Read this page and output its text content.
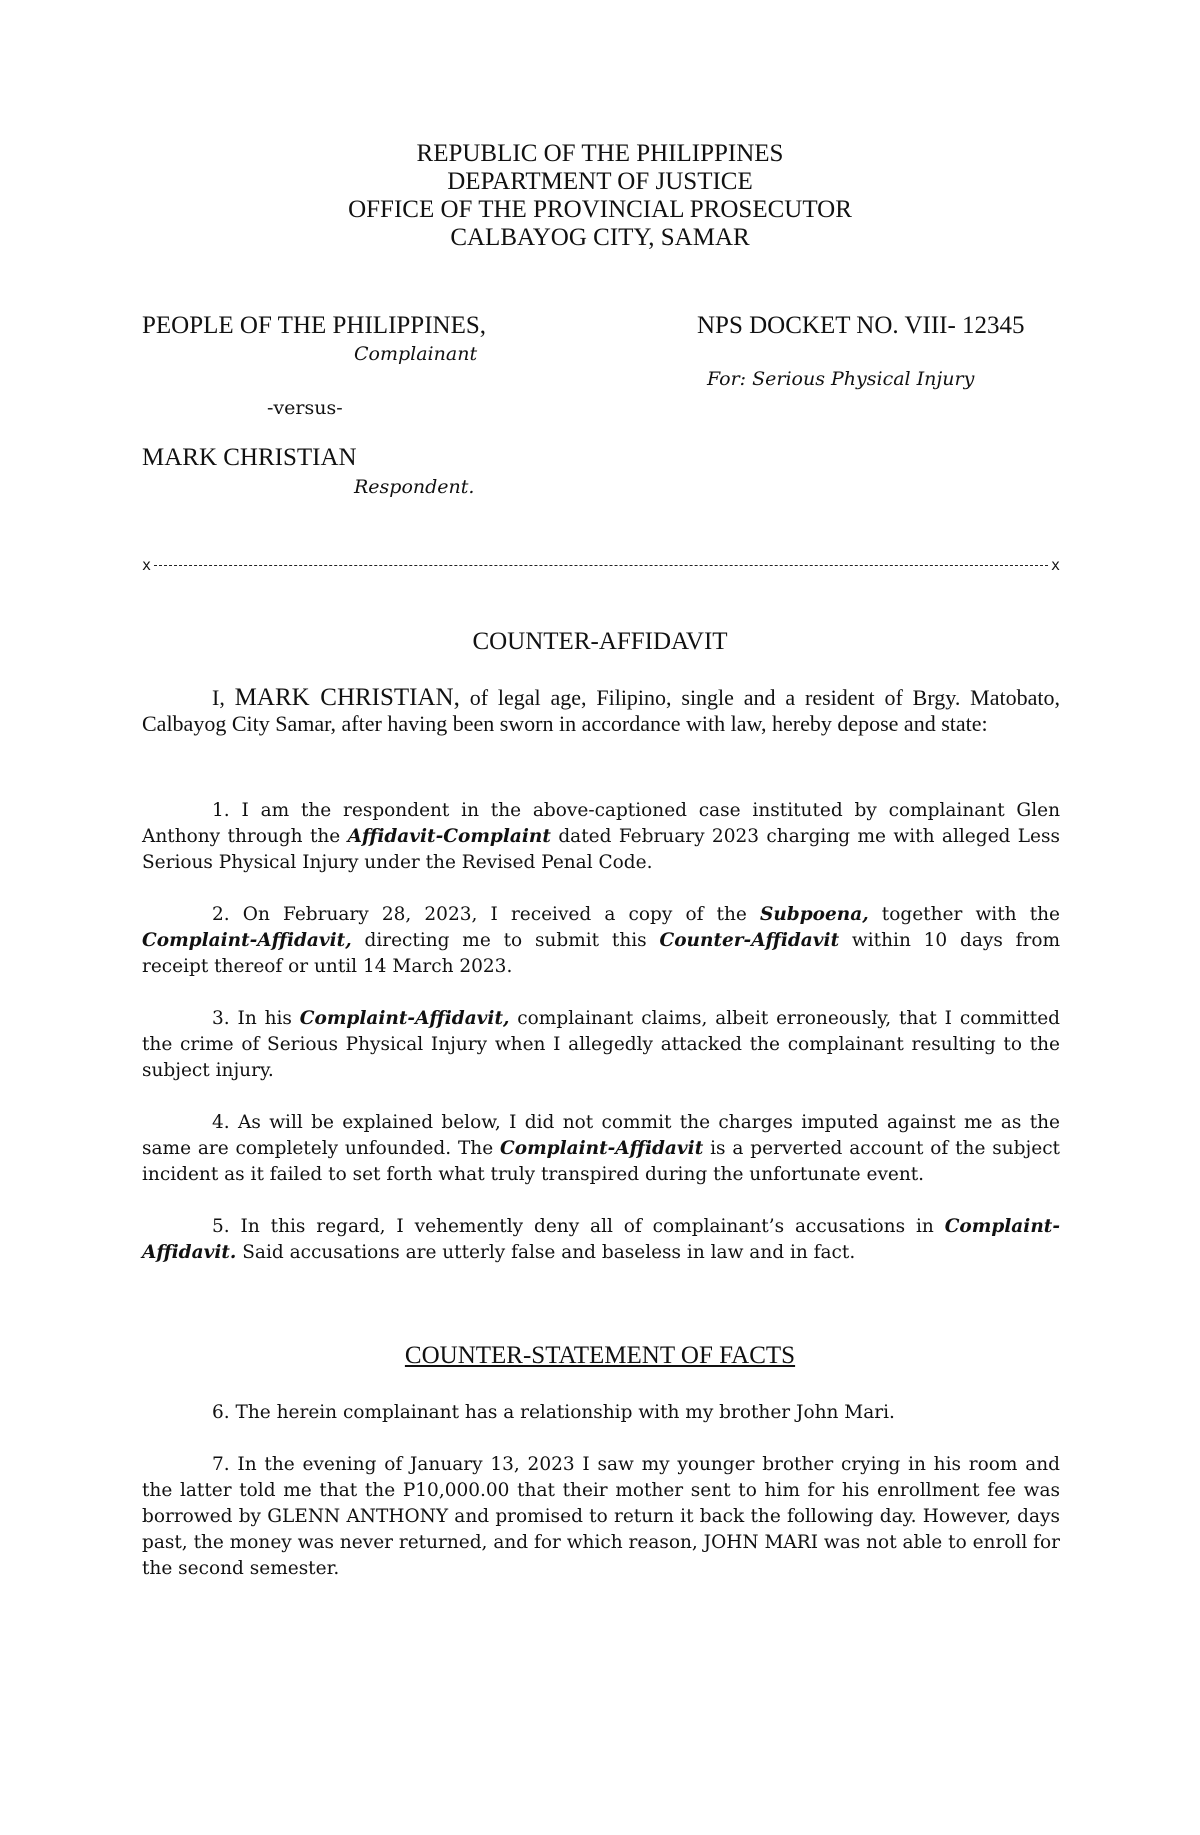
REPUBLIC OF THE PHILIPPINES
DEPARTMENT OF JUSTICE
OFFICE OF THE PROVINCIAL PROSECUTOR
CALBAYOG CITY, SAMAR
PEOPLE OF THE PHILIPPINES,
Complainant
-versus-
MARK CHRISTIAN
Respondent.
NPS DOCKET NO. VIII- 12345
For: Serious Physical Injury
x	x
COUNTER-AFFIDAVIT
I, MARK CHRISTIAN, of legal age, Filipino, single and a resident of Brgy. Matobato, Calbayog City Samar, after having been sworn in accordance with law, hereby depose and state:
1. I am the respondent in the above-captioned case instituted by complainant Glen Anthony through the Affidavit-Complaint dated February 2023 charging me with alleged Less Serious Physical Injury under the Revised Penal Code.
2. On February 28, 2023, I received a copy of the Subpoena, together with the Complaint-Affidavit, directing me to submit this Counter-Affidavit within 10 days from receipt thereof or until 14 March 2023.
3. In his Complaint-Affidavit, complainant claims, albeit erroneously, that I committed the crime of Serious Physical Injury when I allegedly attacked the complainant resulting to the subject injury.
4. As will be explained below, I did not commit the charges imputed against me as the same are completely unfounded. The Complaint-Affidavit is a perverted account of the subject incident as it failed to set forth what truly transpired during the unfortunate event.
5. In this regard, I vehemently deny all of complainant’s accusations in Complaint-Affidavit. Said accusations are utterly false and baseless in law and in fact.
COUNTER-STATEMENT OF FACTS
6. The herein complainant has a relationship with my brother John Mari.
7. In the evening of January 13, 2023 I saw my younger brother crying in his room and the latter told me that the P10,000.00 that their mother sent to him for his enrollment fee was borrowed by GLENN ANTHONY and promised to return it back the following day. However, days past, the money was never returned, and for which reason, JOHN MARI was not able to enroll for the second semester.
